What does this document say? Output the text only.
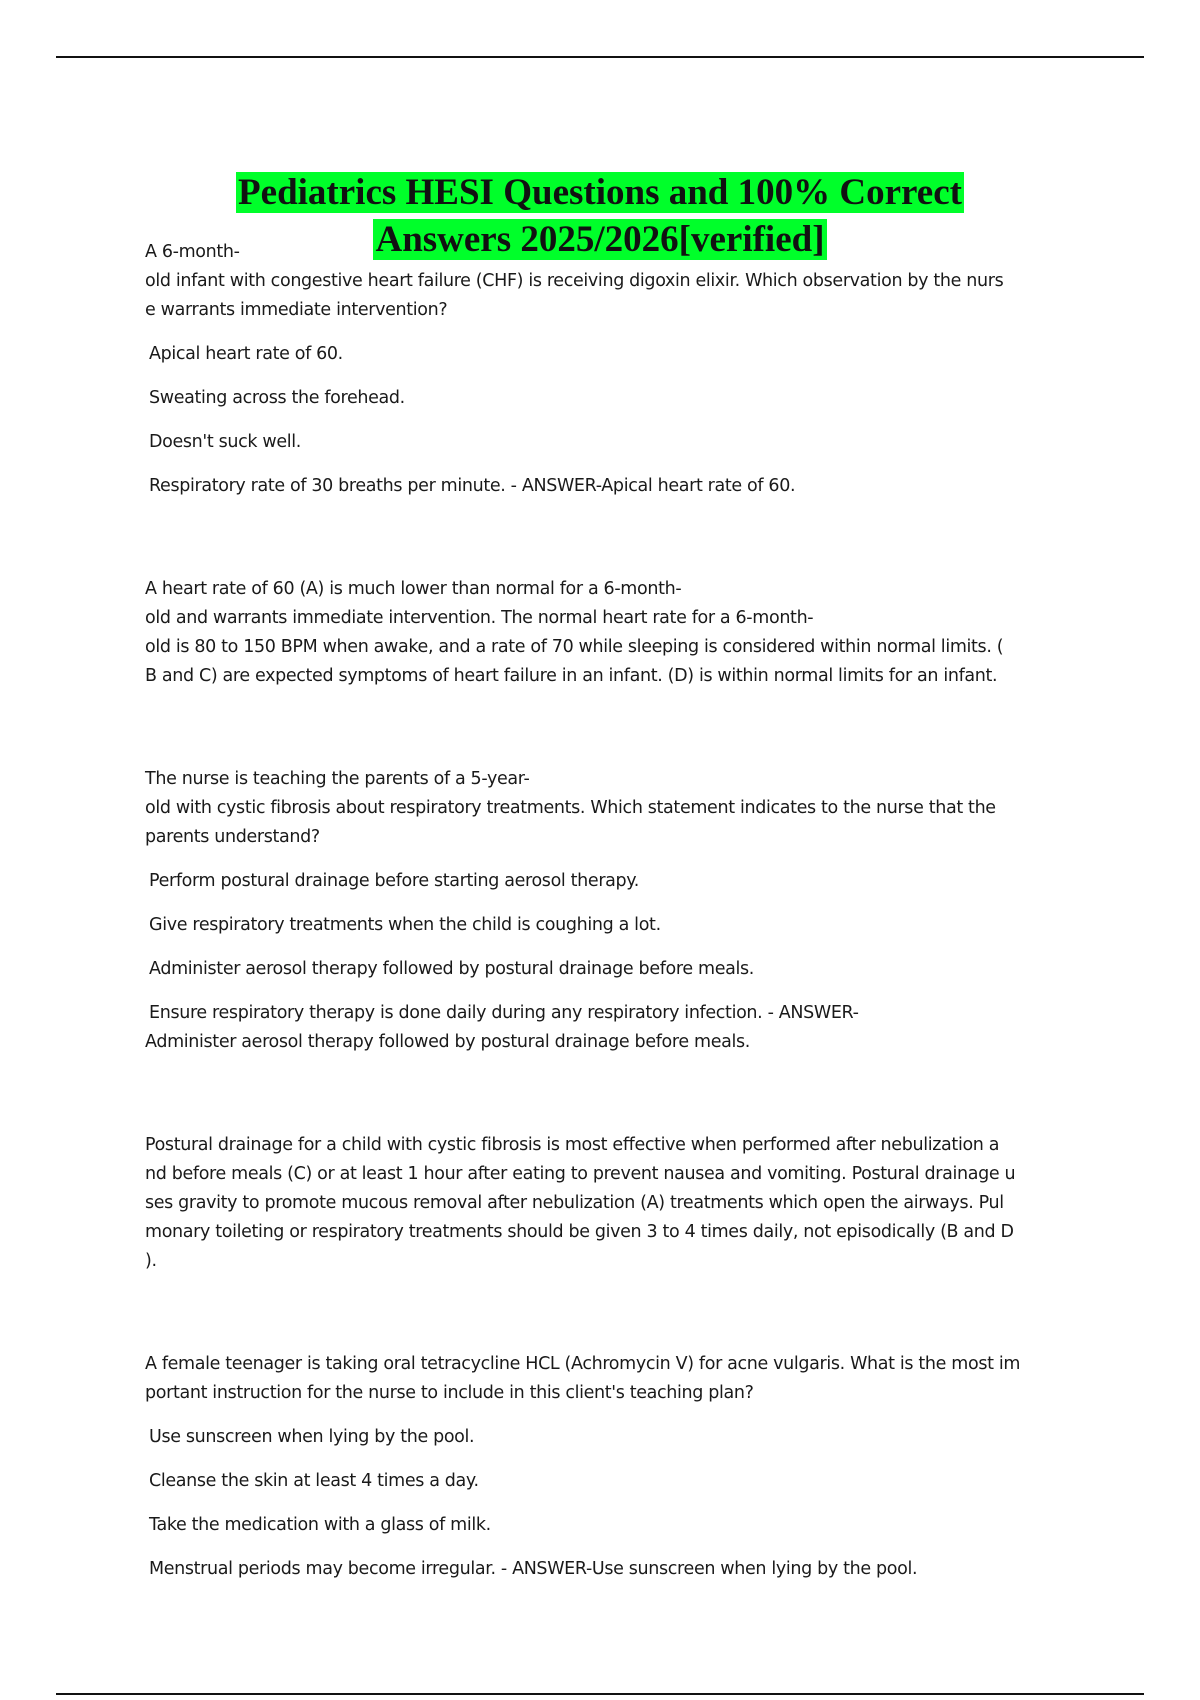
Pediatrics HESI Questions and 100% Correct
Answers 2025/2026[verified]

A 6-month-
old infant with congestive heart failure (CHF) is receiving digoxin elixir. Which observation by the nurs
e warrants immediate intervention?

Apical heart rate of 60.

Sweating across the forehead.

Doesn't suck well.

Respiratory rate of 30 breaths per minute. - ANSWER-Apical heart rate of 60.

A heart rate of 60 (A) is much lower than normal for a 6-month-
old and warrants immediate intervention. The normal heart rate for a 6-month-
old is 80 to 150 BPM when awake, and a rate of 70 while sleeping is considered within normal limits. (
B and C) are expected symptoms of heart failure in an infant. (D) is within normal limits for an infant.

The nurse is teaching the parents of a 5-year-
old with cystic fibrosis about respiratory treatments. Which statement indicates to the nurse that the
parents understand?

Perform postural drainage before starting aerosol therapy.

Give respiratory treatments when the child is coughing a lot.

Administer aerosol therapy followed by postural drainage before meals.

Ensure respiratory therapy is done daily during any respiratory infection. - ANSWER-

Administer aerosol therapy followed by postural drainage before meals.

Postural drainage for a child with cystic fibrosis is most effective when performed after nebulization a
nd before meals (C) or at least 1 hour after eating to prevent nausea and vomiting. Postural drainage u
ses gravity to promote mucous removal after nebulization (A) treatments which open the airways. Pul
monary toileting or respiratory treatments should be given 3 to 4 times daily, not episodically (B and D
).

A female teenager is taking oral tetracycline HCL (Achromycin V) for acne vulgaris. What is the most im
portant instruction for the nurse to include in this client's teaching plan?

Use sunscreen when lying by the pool.

Cleanse the skin at least 4 times a day.

Take the medication with a glass of milk.

Menstrual periods may become irregular. - ANSWER-Use sunscreen when lying by the pool.
